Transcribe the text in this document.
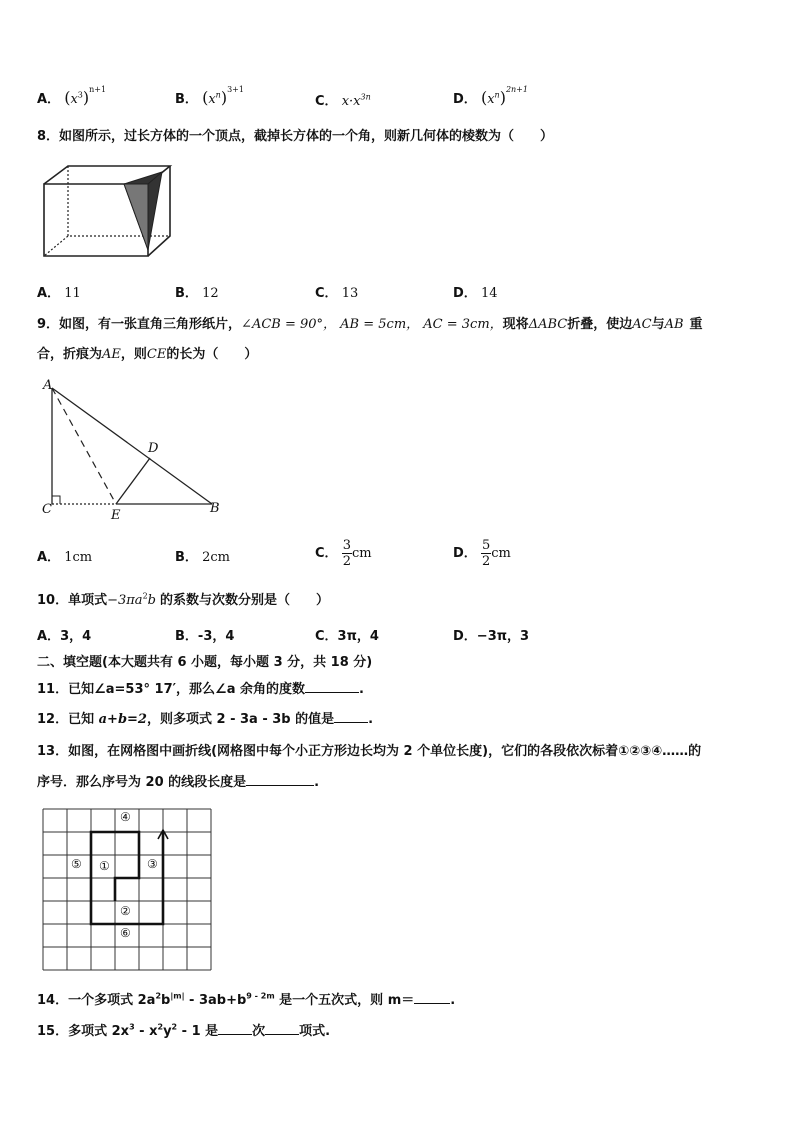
A． $(x^3)^{n+1}$
B． $(x^n)^{3+1}$
C． $x\cdot x^{3n}$	D． $(x^n)^{2n+1}$
8．如图所示，过长方体的一个顶点，截掉长方体的一个角，则新几何体的棱数为（　　）
A． 11	B． 12	C． 13	D． 14
9．如图，有一张直角三角形纸片，∠ACB = 90°， AB = 5cm， AC = 3cm，现将ΔABC折叠，使边AC与AB 重
合，折痕为AE，则CE的长为（　　）
A
D
C	E	B
A． 1cm	B． 2cm	C． $\frac{3}{2}$ cm	D． $\frac{5}{2}$ cm
10．单项式$-3\pi a^2b$ 的系数与次数分别是（　　）
A．3，4	B．-3，4	C．3π，4	D．−3π，3
二、填空题(本大题共有 6 小题，每小题 3 分，共 18 分)
11．已知∠a=53° 17′，那么∠a 余角的度数	.
12．已知 a+b=2，则多项式 2 - 3a - 3b 的值是	.
13．如图，在网格图中画折线(网格图中每个小正方形边长均为 2 个单位长度)，它们的各段依次标着①②③④……的
序号．那么序号为 20 的线段长度是	.
④
⑤ ①	③
②
⑥
14．一个多项式 $2a^2b^{|m|} - 3ab+b^{9 - 2m}$ 是一个五次式，则 m＝	.
15．多项式 $2x^3 - x^2y^2 - 1$ 是	次	项式.
